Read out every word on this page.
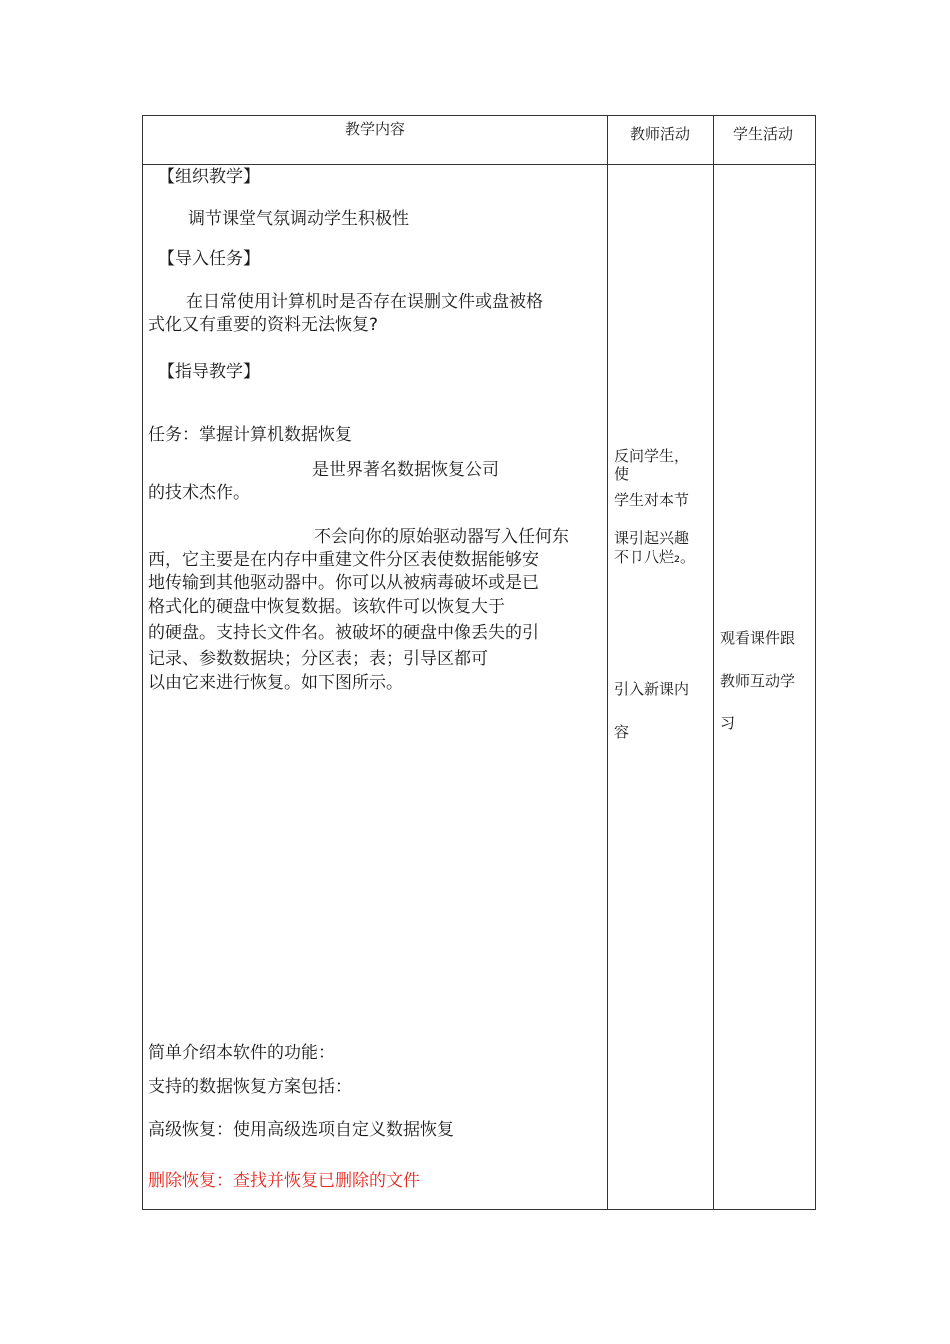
教学内容	教师活动	学生活动
【组织教学】
调节课堂气氛调动学生积极性
【导入任务】
在日常使用计算机时是否存在误删文件或盘被格
式化又有重要的资料无法恢复?
【指导教学】
任务：掌握计算机数据恢复
是世界著名数据恢复公司
的技术杰作。
不会向你的原始驱动器写入任何东
西，它主要是在内存中重建文件分区表使数据能够安
地传输到其他驱动器中。你可以从被病毒破坏或是已
格式化的硬盘中恢复数据。该软件可以恢复大于
的硬盘。支持长文件名。被破坏的硬盘中像丢失的引
记录、参数数据块；分区表；表；引导区都可
以由它来进行恢复。如下图所示。
简单介绍本软件的功能：
支持的数据恢复方案包括：
高级恢复：使用高级选项自定义数据恢复
删除恢复：查找并恢复已删除的文件
反问学生，
使
学生对本节
课引起兴趣
不卩八烂₂。
引入新课内
容
观看课件跟
教师互动学
习
